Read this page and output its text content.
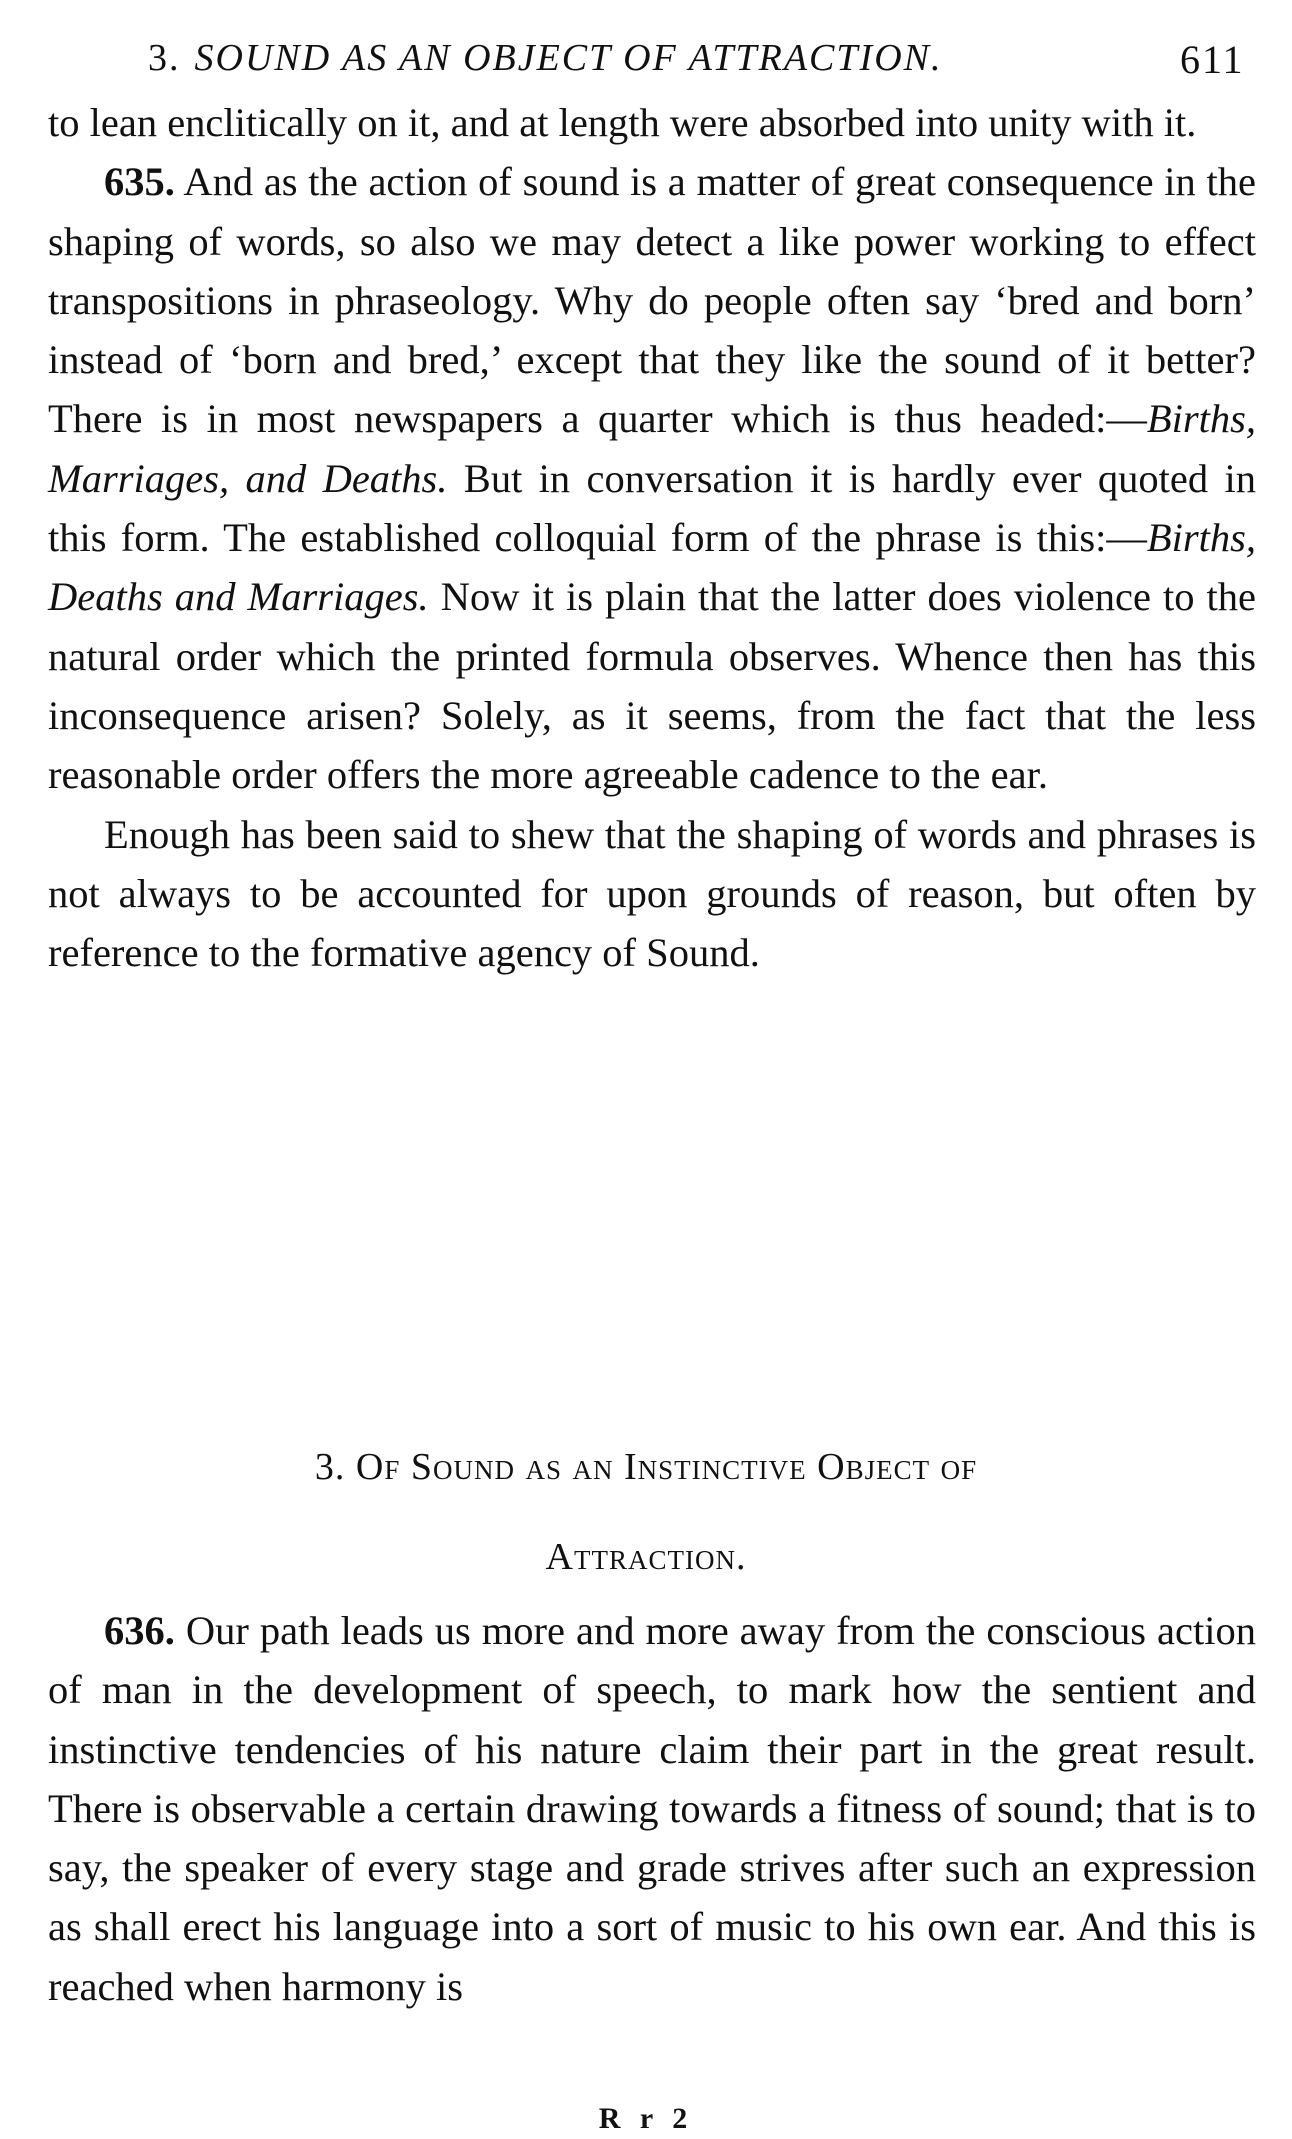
3. SOUND AS AN OBJECT OF ATTRACTION.	611

to lean enclitically on it, and at length were absorbed into unity with it.

635. And as the action of sound is a matter of great consequence in the shaping of words, so also we may detect a like power working to effect transpositions in phraseology. Why do people often say ‘bred and born’ instead of ‘born and bred,’ except that they like the sound of it better? There is in most newspapers a quarter which is thus headed:—Births, Marriages, and Deaths. But in conversation it is hardly ever quoted in this form. The established colloquial form of the phrase is this:—Births, Deaths and Marriages. Now it is plain that the latter does violence to the natural order which the printed formula observes. Whence then has this inconsequence arisen? Solely, as it seems, from the fact that the less reasonable order offers the more agreeable cadence to the ear.

Enough has been said to shew that the shaping of words and phrases is not always to be accounted for upon grounds of reason, but often by reference to the formative agency of Sound.

3. Of Sound as an Instinctive Object of
Attraction.

636. Our path leads us more and more away from the conscious action of man in the development of speech, to mark how the sentient and instinctive tendencies of his nature claim their part in the great result. There is observable a certain drawing towards a fitness of sound; that is to say, the speaker of every stage and grade strives after such an expression as shall erect his language into a sort of music to his own ear. And this is reached when harmony is

R r 2
